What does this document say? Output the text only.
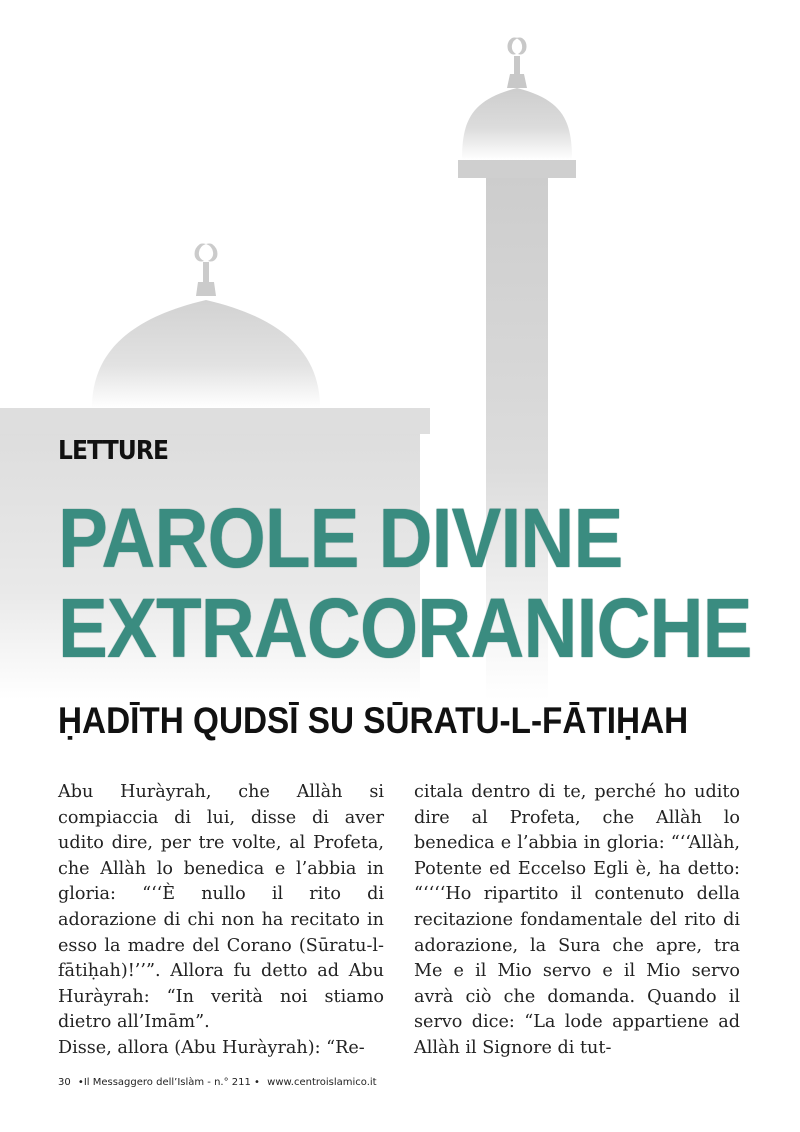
LETTURE
PAROLE DIVINE
EXTRACORANICHE
ḤADĪTH QUDSĪ SU SŪRATU-L-FĀTIḤAH

Abu Huràyrah, che Allàh si compiaccia di lui, disse di aver udito dire, per tre volte, al Profeta, che Allàh lo benedica e l’abbia in gloria: “‘‘È nullo il rito di adorazione di chi non ha recitato in esso la madre del Corano (Sūratu-l-fātiḥah)!’’”. Allora fu detto ad Abu Huràyrah: “In verità noi stiamo dietro all’Imām”.

Disse, allora (Abu Huràyrah): “Re-

citala dentro di te, perché ho udito dire al Profeta, che Allàh lo benedica e l’abbia in gloria: “‘‘Allàh, Potente ed Eccelso Egli è, ha detto: “‘‘‘‘Ho ripartito il contenuto della recitazione fondamentale del rito di adorazione, la Sura che apre, tra Me e il Mio servo e il Mio servo avrà ciò che domanda. Quando il servo dice: “La lode appartiene ad Allàh il Signore di tut-

30 •Il Messaggero dell’Islàm - n.° 211 • www.centroislamico.it
